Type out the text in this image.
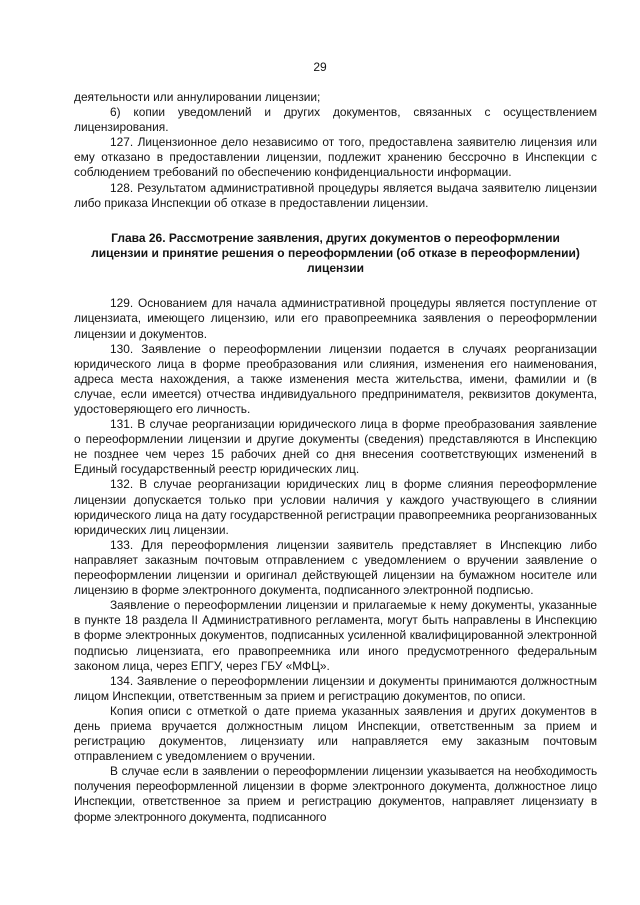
29

деятельности или аннулировании лицензии;

6) копии уведомлений и других документов, связанных с осуществлением лицензирования.

127. Лицензионное дело независимо от того, предоставлена заявителю лицензия или ему отказано в предоставлении лицензии, подлежит хранению бессрочно в Инспекции с соблюдением требований по обеспечению конфиденциальности информации.

128. Результатом административной процедуры является выдача заявителю лицензии либо приказа Инспекции об отказе в предоставлении лицензии.

Глава 26. Рассмотрение заявления, других документов о переоформлении лицензии и принятие решения о переоформлении (об отказе в переоформлении) лицензии

129. Основанием для начала административной процедуры является поступление от лицензиата, имеющего лицензию, или его правопреемника заявления о переоформлении лицензии и документов.

130. Заявление о переоформлении лицензии подается в случаях реорганизации юридического лица в форме преобразования или слияния, изменения его наименования, адреса места нахождения, а также изменения места жительства, имени, фамилии и (в случае, если имеется) отчества индивидуального предпринимателя, реквизитов документа, удостоверяющего его личность.

131. В случае реорганизации юридического лица в форме преобразования заявление о переоформлении лицензии и другие документы (сведения) представляются в Инспекцию не позднее чем через 15 рабочих дней со дня внесения соответствующих изменений в Единый государственный реестр юридических лиц.

132. В случае реорганизации юридических лиц в форме слияния переоформление лицензии допускается только при условии наличия у каждого участвующего в слиянии юридического лица на дату государственной регистрации правопреемника реорганизованных юридических лиц лицензии.

133. Для переоформления лицензии заявитель представляет в Инспекцию либо направляет заказным почтовым отправлением с уведомлением о вручении заявление о переоформлении лицензии и оригинал действующей лицензии на бумажном носителе или лицензию в форме электронного документа, подписанного электронной подписью.

Заявление о переоформлении лицензии и прилагаемые к нему документы, указанные в пункте 18 раздела II Административного регламента, могут быть направлены в Инспекцию в форме электронных документов, подписанных усиленной квалифицированной электронной подписью лицензиата, его правопреемника или иного предусмотренного федеральным законом лица, через ЕПГУ, через ГБУ «МФЦ».

134. Заявление о переоформлении лицензии и документы принимаются должностным лицом Инспекции, ответственным за прием и регистрацию документов, по описи.

Копия описи с отметкой о дате приема указанных заявления и других документов в день приема вручается должностным лицом Инспекции, ответственным за прием и регистрацию документов, лицензиату или направляется ему заказным почтовым отправлением с уведомлением о вручении.

В случае если в заявлении о переоформлении лицензии указывается на необходимость получения переоформленной лицензии в форме электронного документа, должностное лицо Инспекции, ответственное за прием и регистрацию документов, направляет лицензиату в форме электронного документа, подписанного
